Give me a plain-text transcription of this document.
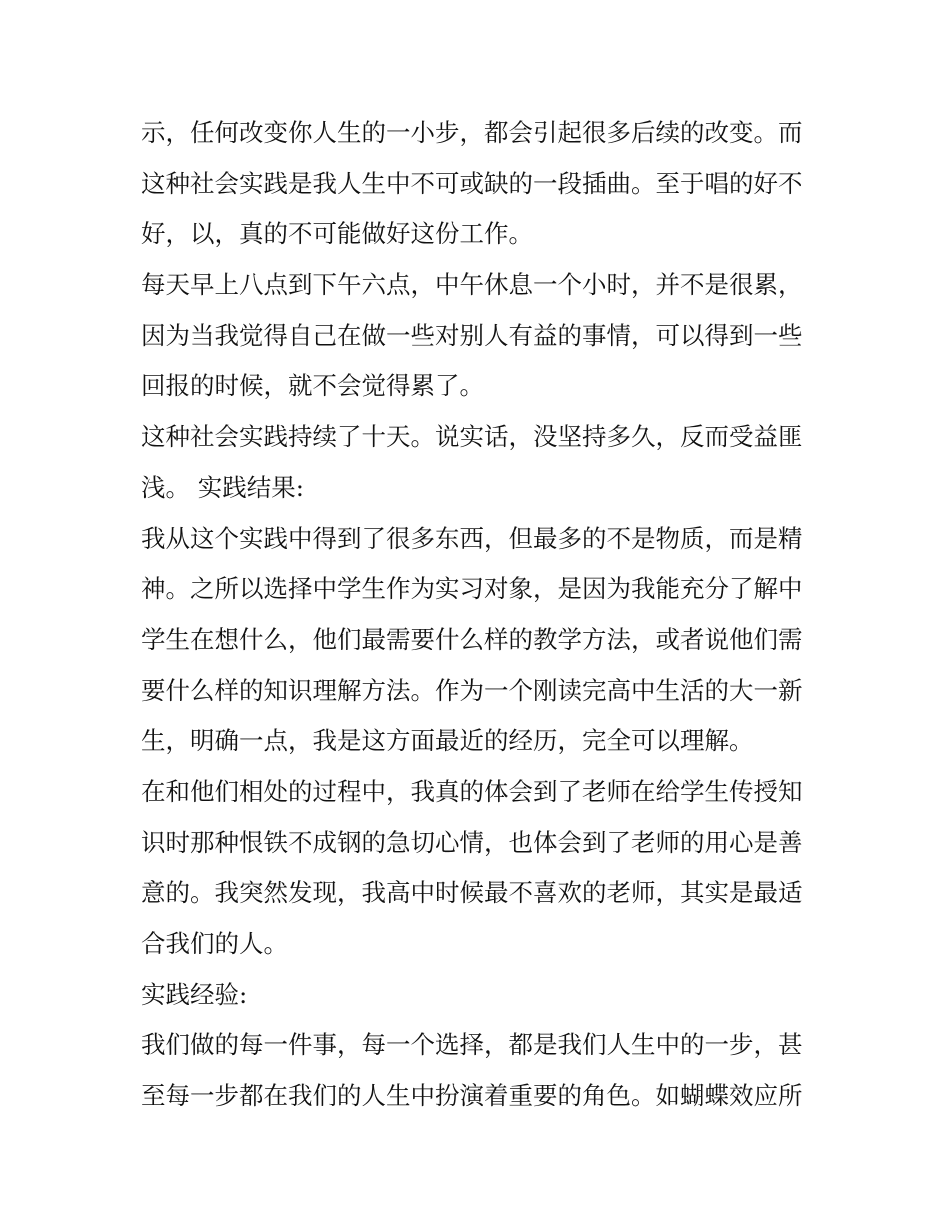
示，任何改变你人生的一小步，都会引起很多后续的改变。而
这种社会实践是我人生中不可或缺的一段插曲。至于唱的好不
好，以，真的不可能做好这份工作。
每天早上八点到下午六点，中午休息一个小时，并不是很累，
因为当我觉得自己在做一些对别人有益的事情，可以得到一些
回报的时候，就不会觉得累了。
这种社会实践持续了十天。说实话，没坚持多久，反而受益匪
浅。 实践结果:
我从这个实践中得到了很多东西，但最多的不是物质，而是精
神。之所以选择中学生作为实习对象，是因为我能充分了解中
学生在想什么，他们最需要什么样的教学方法，或者说他们需
要什么样的知识理解方法。作为一个刚读完高中生活的大一新
生，明确一点，我是这方面最近的经历，完全可以理解。
在和他们相处的过程中，我真的体会到了老师在给学生传授知
识时那种恨铁不成钢的急切心情，也体会到了老师的用心是善
意的。我突然发现，我高中时候最不喜欢的老师，其实是最适
合我们的人。
实践经验:
我们做的每一件事，每一个选择，都是我们人生中的一步，甚
至每一步都在我们的人生中扮演着重要的角色。如蝴蝶效应所
